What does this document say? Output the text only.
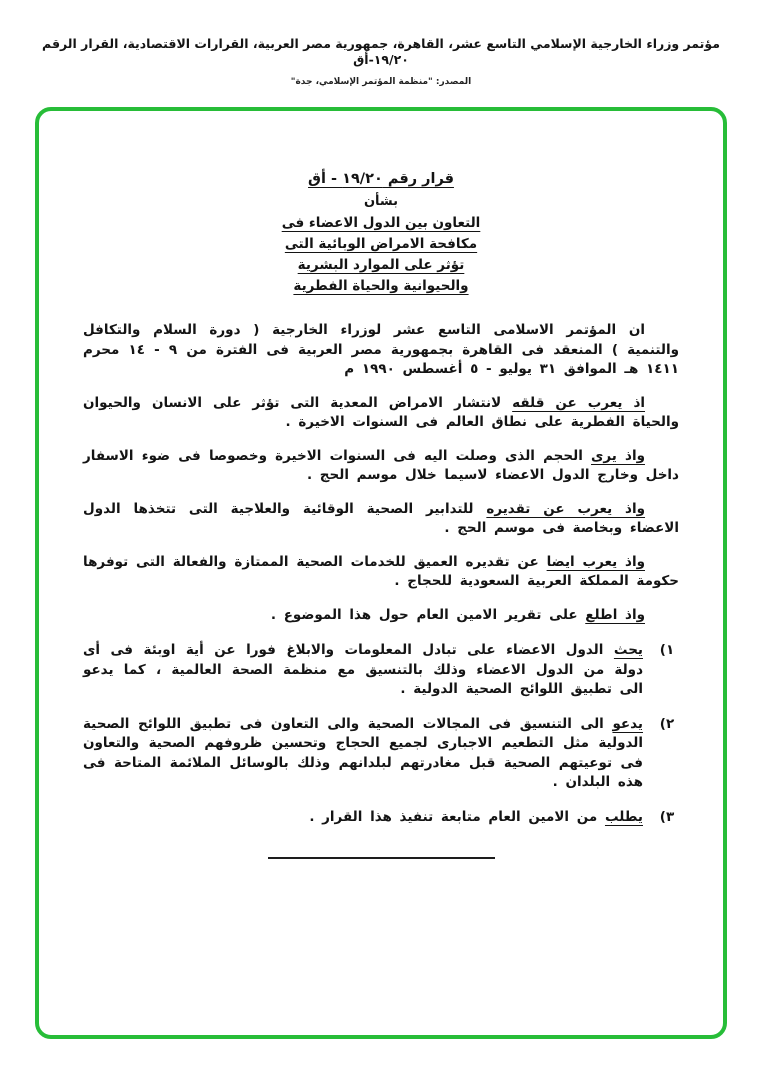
مؤتمر وزراء الخارجية الإسلامي التاسع عشر، القاهرة، جمهورية مصر العربية، القرارات الاقتصادية، القرار الرقم ١٩/٢٠-أق
المصدر: "منظمة المؤتمر الإسلامي، جدة"
قرار رقم ١٩/٢٠ - أق
بشأن
التعاون بين الدول الاعضاء فى
مكافحة الامراض الوبائية التى
تؤثر على الموارد البشرية
والحيوانية والحياة الفطرية

ان المؤتمر الاسلامى التاسع عشر لوزراء الخارجية ( دورة السلام والتكافل والتنمية ) المنعقد فى القاهرة بجمهورية مصر العربية فى الفترة من ٩ - ١٤ محرم ١٤١١ هـ الموافق ٣١ يوليو - ٥ أغسطس ١٩٩٠ م

اذ يعرب عن قلقه لانتشار الامراض المعدية التى تؤثر على الانسان والحيوان والحياة الفطرية على نطاق العالم فى السنوات الاخيرة .

واذ يرى الحجم الذى وصلت اليه فى السنوات الاخيرة وخصوصا فى ضوء الاسفار داخل وخارج الدول الاعضاء لاسيما خلال موسم الحج .

واذ يعرب عن تقديره للتدابير الصحية الوقائية والعلاجية التى تتخذها الدول الاعضاء وبخاصة فى موسم الحج .

واذ يعرب ايضا عن تقديره العميق للخدمات الصحية الممتازة والفعالة التى توفرها حكومة المملكة العربية السعودية للحجاج .

واذ اطلع على تقرير الامين العام حول هذا الموضوع .

١)
يحث الدول الاعضاء على تبادل المعلومات والابلاغ فورا عن أية اوبئة فى أى دولة من الدول الاعضاء وذلك بالتنسيق مع منظمة الصحة العالمية ، كما يدعو الى تطبيق اللوائح الصحية الدولية .
٢)
يدعو الى التنسيق فى المجالات الصحية والى التعاون فى تطبيق اللوائح الصحية الدولية مثل التطعيم الاجبارى لجميع الحجاج وتحسين ظروفهم الصحية والتعاون فى توعيتهم الصحية قبل مغادرتهم لبلدانهم وذلك بالوسائل الملائمة المتاحة فى هذه البلدان .
٣)
يطلب من الامين العام متابعة تنفيذ هذا القرار .
